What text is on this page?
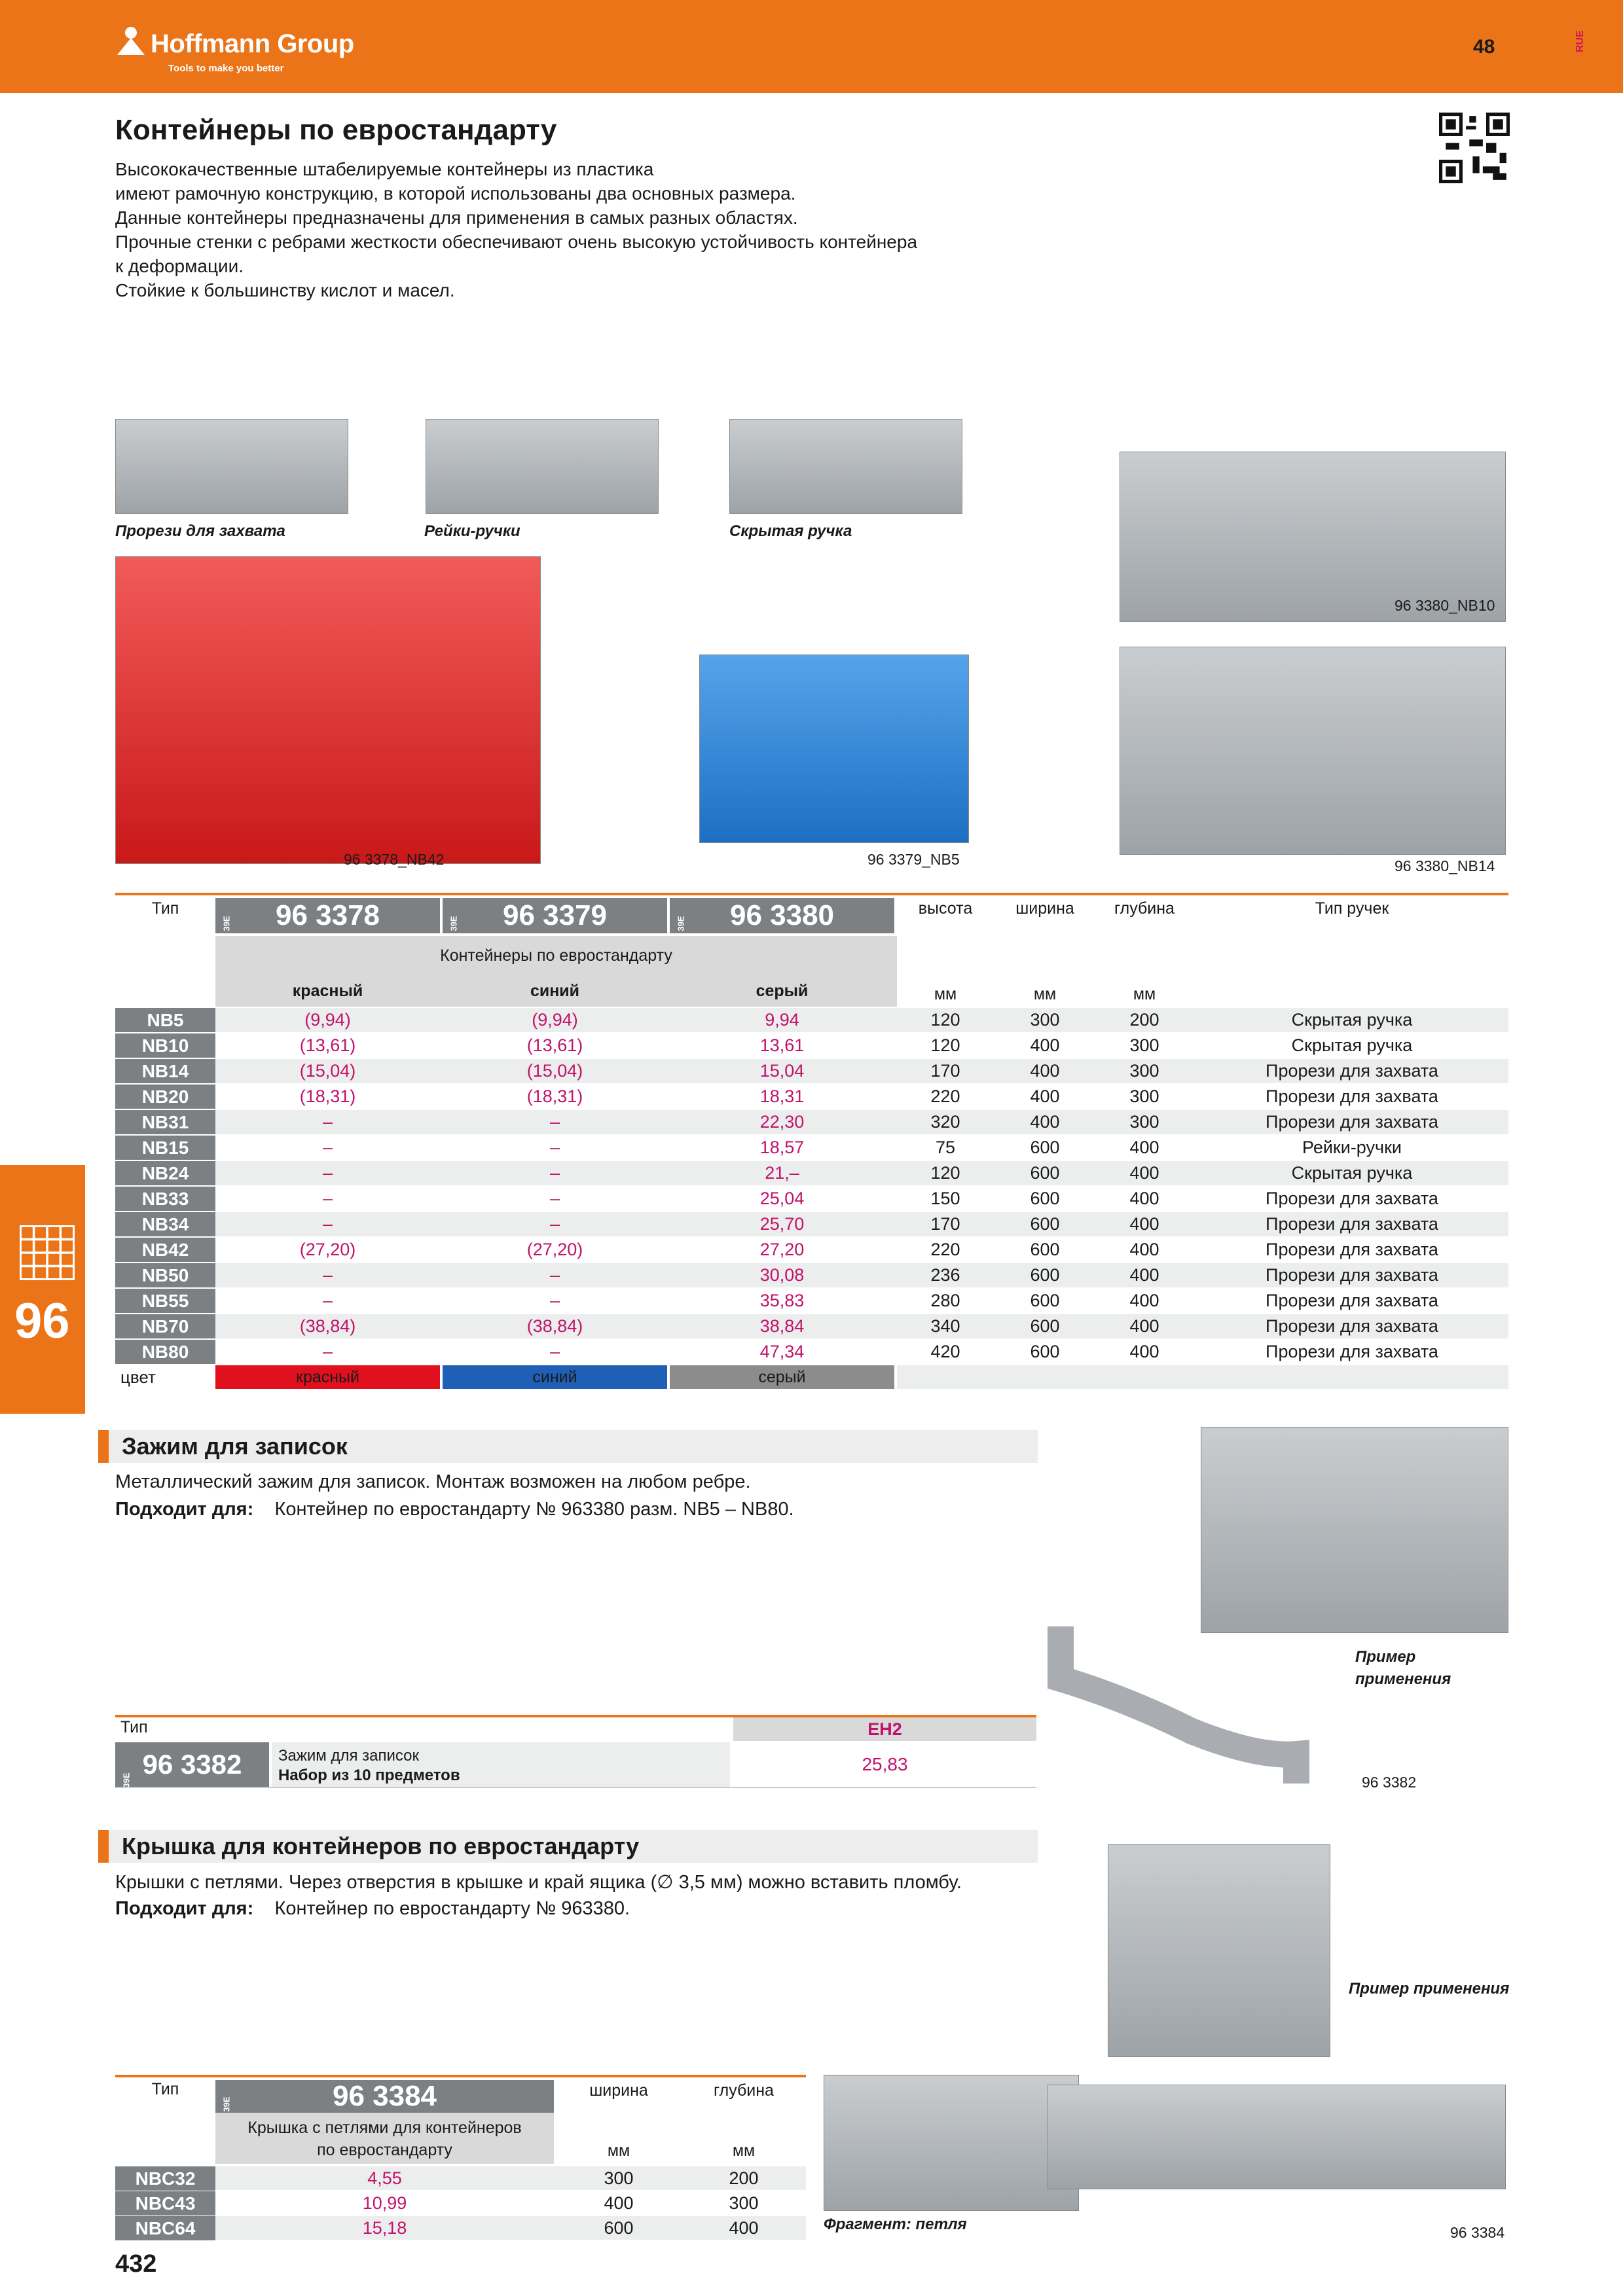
Hoffmann Group
Tools to make you better
48	RUE
Контейнеры по евростандарту
Высококачественные штабелируемые контейнеры из пластика
имеют рамочную конструкцию, в которой использованы два основных размера.
Данные контейнеры предназначены для применения в самых разных областях.
Прочные стенки с ребрами жесткости обеспечивают очень высокую устойчивость контейнера
к деформации.
Стойкие к большинству кислот и масел.
Прорези для захвата	Рейки-ручки	Скрытая ручка
96 3380_NB10
96 3378_NB42	96 3379_NB5	96 3380_NB14
Тип
39E	96 3378	39E	96 3379	39E	96 3380
Контейнеры по евростандарту
красный	синий	серый
высота	ширина	глубина	Тип ручек
мм	мм	мм
NB5	(9,94)	(9,94)	9,94	120	300	200	Скрытая ручка
NB10	(13,61)	(13,61)	13,61	120	400	300	Скрытая ручка
NB14	(15,04)	(15,04)	15,04	170	400	300	Прорези для захвата
NB20	(18,31)	(18,31)	18,31	220	400	300	Прорези для захвата
NB31	–	–	22,30	320	400	300	Прорези для захвата
NB15	–	–	18,57	75	600	400	Рейки-ручки
NB24	–	–	21,–	120	600	400	Скрытая ручка
NB33	–	–	25,04	150	600	400	Прорези для захвата
NB34	–	–	25,70	170	600	400	Прорези для захвата
NB42	(27,20)	(27,20)	27,20	220	600	400	Прорези для захвата
NB50	–	–	30,08	236	600	400	Прорези для захвата
NB55	–	–	35,83	280	600	400	Прорези для захвата
NB70	(38,84)	(38,84)	38,84	340	600	400	Прорези для захвата
NB80	–	–	47,34	420	600	400	Прорези для захвата
цвет	красный	синий	серый
96
Зажим для записок
Металлический зажим для записок. Монтаж возможен на любом ребре.
Подходит для: Контейнер по евростандарту № 963380 разм. NB5 – NB80.
Пример
применения
96 3382
Тип	EH2
39E
96 3382	Зажим для записок
Набор из 10 предметов
25,83
Крышка для контейнеров по евростандарту
Крышки с петлями. Через отверстия в крышке и край ящика (∅ 3,5 мм) можно вставить пломбу.
Подходит для: Контейнер по евростандарту № 963380.
Пример применения
Фрагмент: петля	96 3384
Тип
39E	96 3384
Крышка с петлями для контейнеров
по евростандарту
ширина	глубина
мм	мм
NBC32	4,55	300	200
NBC43	10,99	400	300
NBC64	15,18	600	400
432
